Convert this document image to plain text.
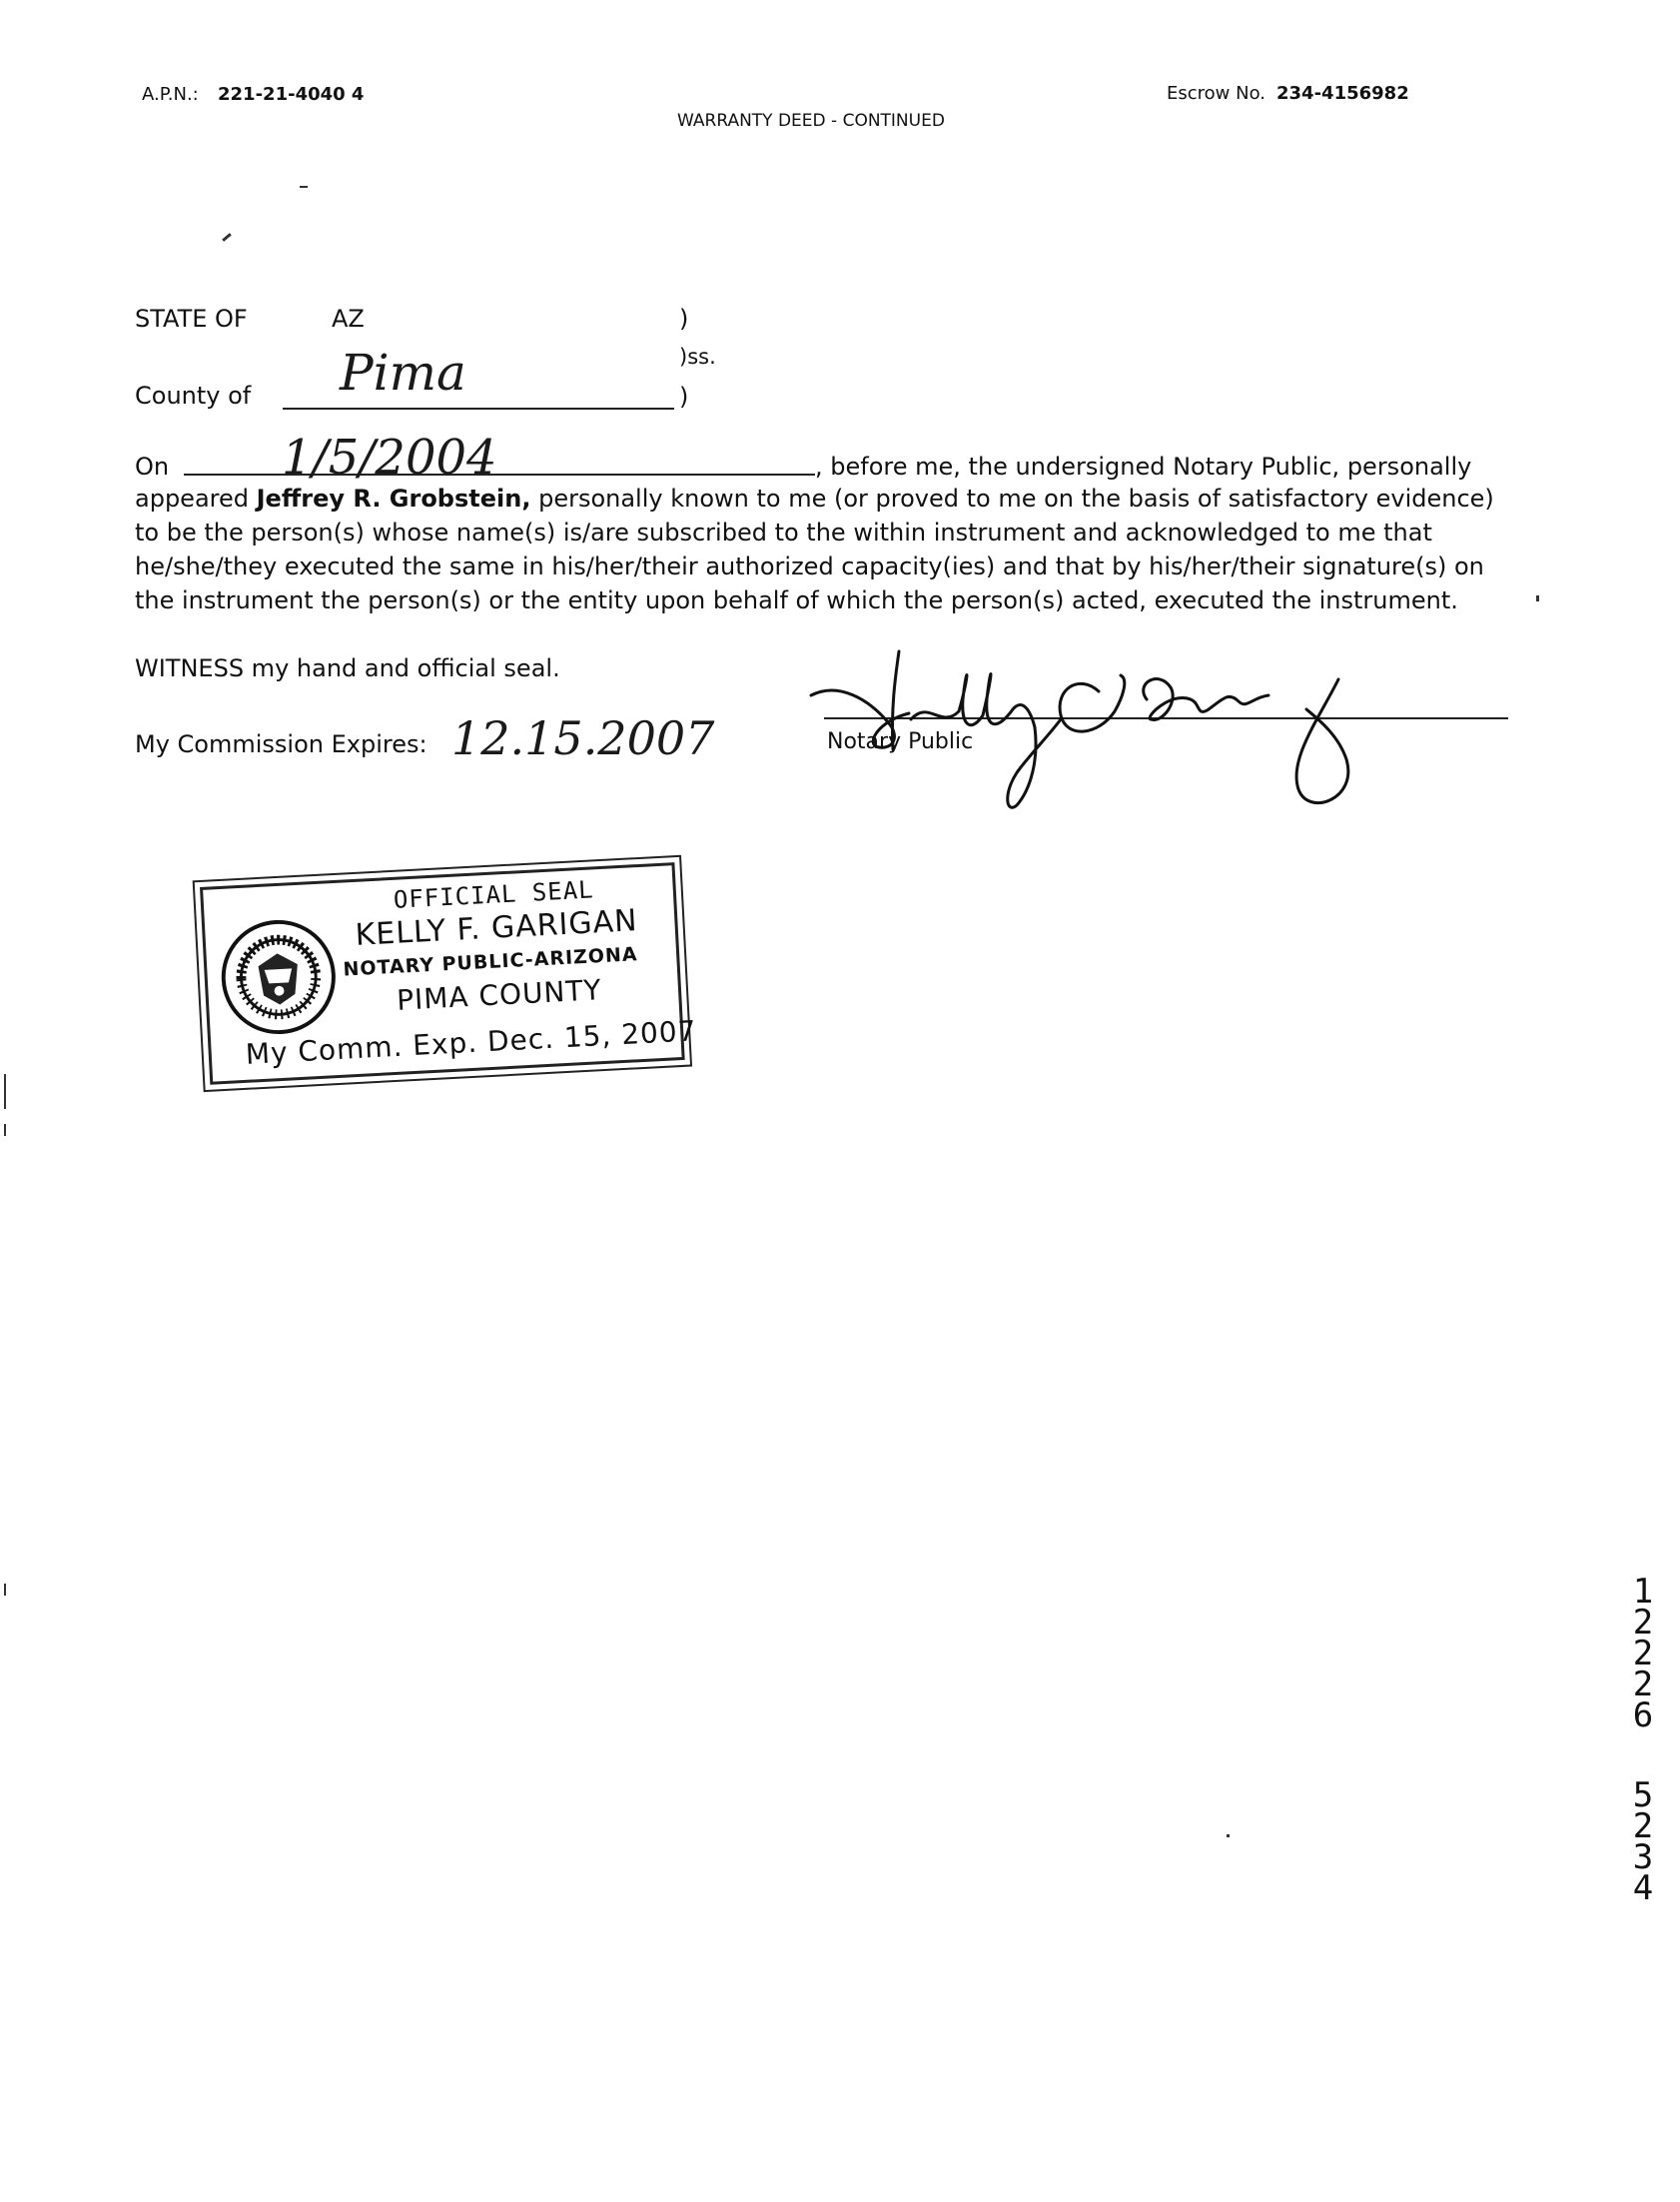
A.P.N.: 221-21-4040 4	Escrow No. 234-4156982
WARRANTY DEED - CONTINUED
STATE OF	AZ	)
)ss.
County of Pima	)
On 1/5/2004	, before me, the undersigned Notary Public, personally
appeared Jeffrey R. Grobstein, personally known to me (or proved to me on the basis of satisfactory evidence)
to be the person(s) whose name(s) is/are subscribed to the within instrument and acknowledged to me that
he/she/they executed the same in his/her/their authorized capacity(ies) and that by his/her/their signature(s) on
the instrument the person(s) or the entity upon behalf of which the person(s) acted, executed the instrument.
WITNESS my hand and official seal.
My Commission Expires: 12.15.2007	Notary Public
OFFICIAL SEAL
KELLY F. GARIGAN
NOTARY PUBLIC-ARIZONA
PIMA COUNTY
My Comm. Exp. Dec. 15, 2007
1
2
2
2
6
5
2
3
4
